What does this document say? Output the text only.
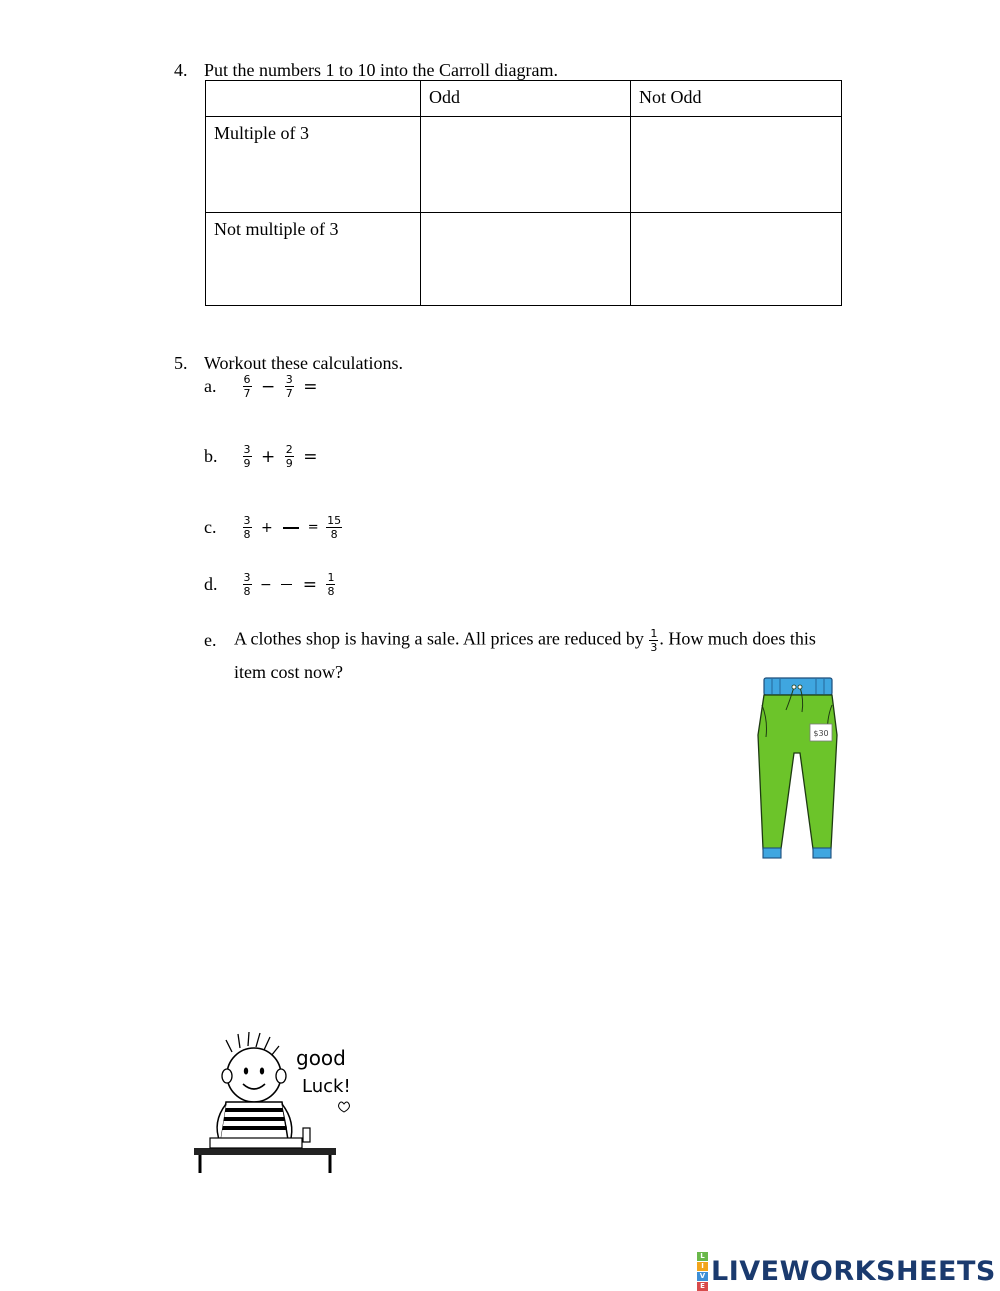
4. Put the numbers 1 to 10 into the Carroll diagram.
	Odd	Not Odd
Multiple of 3		
Not multiple of 3		
5. Workout these calculations.
a. $\frac{6}{7} - \frac{3}{7}$ =
b. $\frac{3}{9} + \frac{2}{9}$ =
c. $\frac{3}{8}$ +	= $\frac{15}{8}$
d. $\frac{3}{8}$ − = $\frac{1}{8}$
e. A clothes shop is having a sale. All prices are reduced by $\frac{1}{3}$ . How much does this
item cost now?
$30
good
Luck!
L
I
V
E LIVEWORKSHEETS
